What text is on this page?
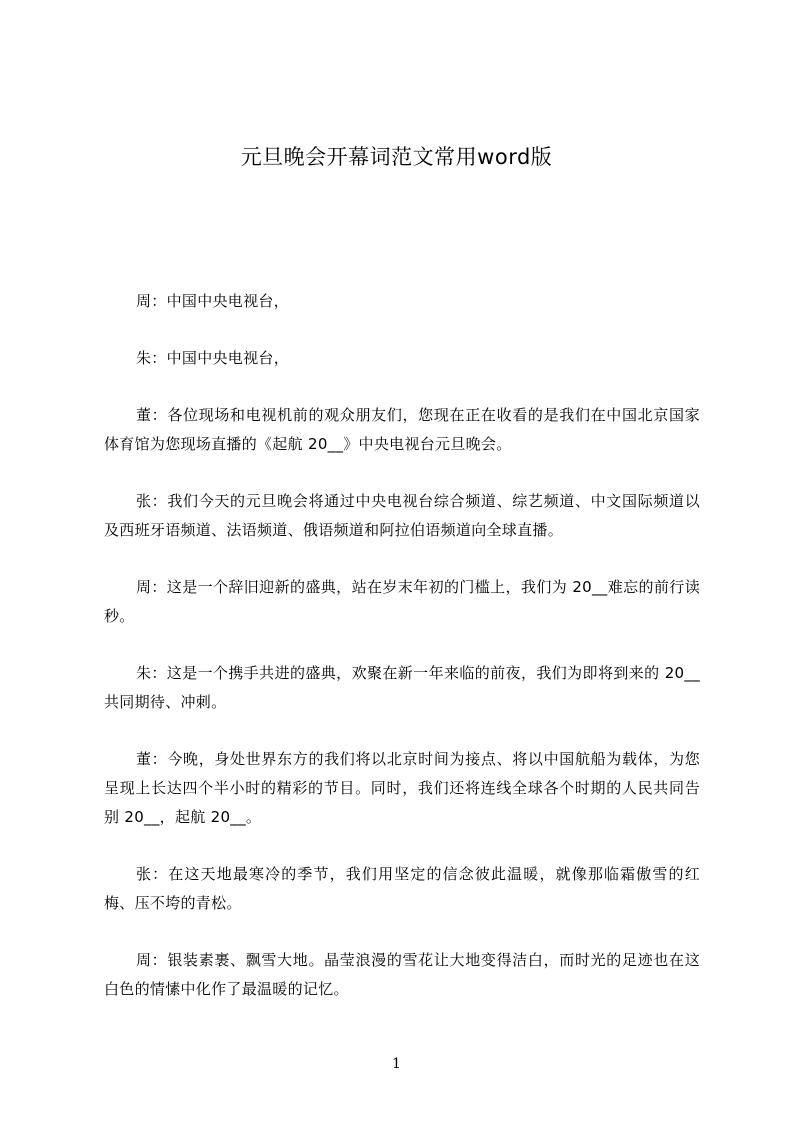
元旦晚会开幕词范文常用word版

周：中国中央电视台，

朱：中国中央电视台，

董：各位现场和电视机前的观众朋友们，您现在正在收看的是我们在中国北京国家体育馆为您现场直播的《起航 20__》中央电视台元旦晚会。

张：我们今天的元旦晚会将通过中央电视台综合频道、综艺频道、中文国际频道以及西班牙语频道、法语频道、俄语频道和阿拉伯语频道向全球直播。

周：这是一个辞旧迎新的盛典，站在岁末年初的门槛上，我们为 20__难忘的前行读秒。

朱：这是一个携手共进的盛典，欢聚在新一年来临的前夜，我们为即将到来的 20__共同期待、冲刺。

董：今晚，身处世界东方的我们将以北京时间为接点、将以中国航船为载体，为您呈现上长达四个半小时的精彩的节目。同时，我们还将连线全球各个时期的人民共同告别 20__，起航 20__。

张：在这天地最寒冷的季节，我们用坚定的信念彼此温暖，就像那临霜傲雪的红梅、压不垮的青松。

周：银装素裹、飘雪大地。晶莹浪漫的雪花让大地变得洁白，而时光的足迹也在这白色的情愫中化作了最温暖的记忆。

1
